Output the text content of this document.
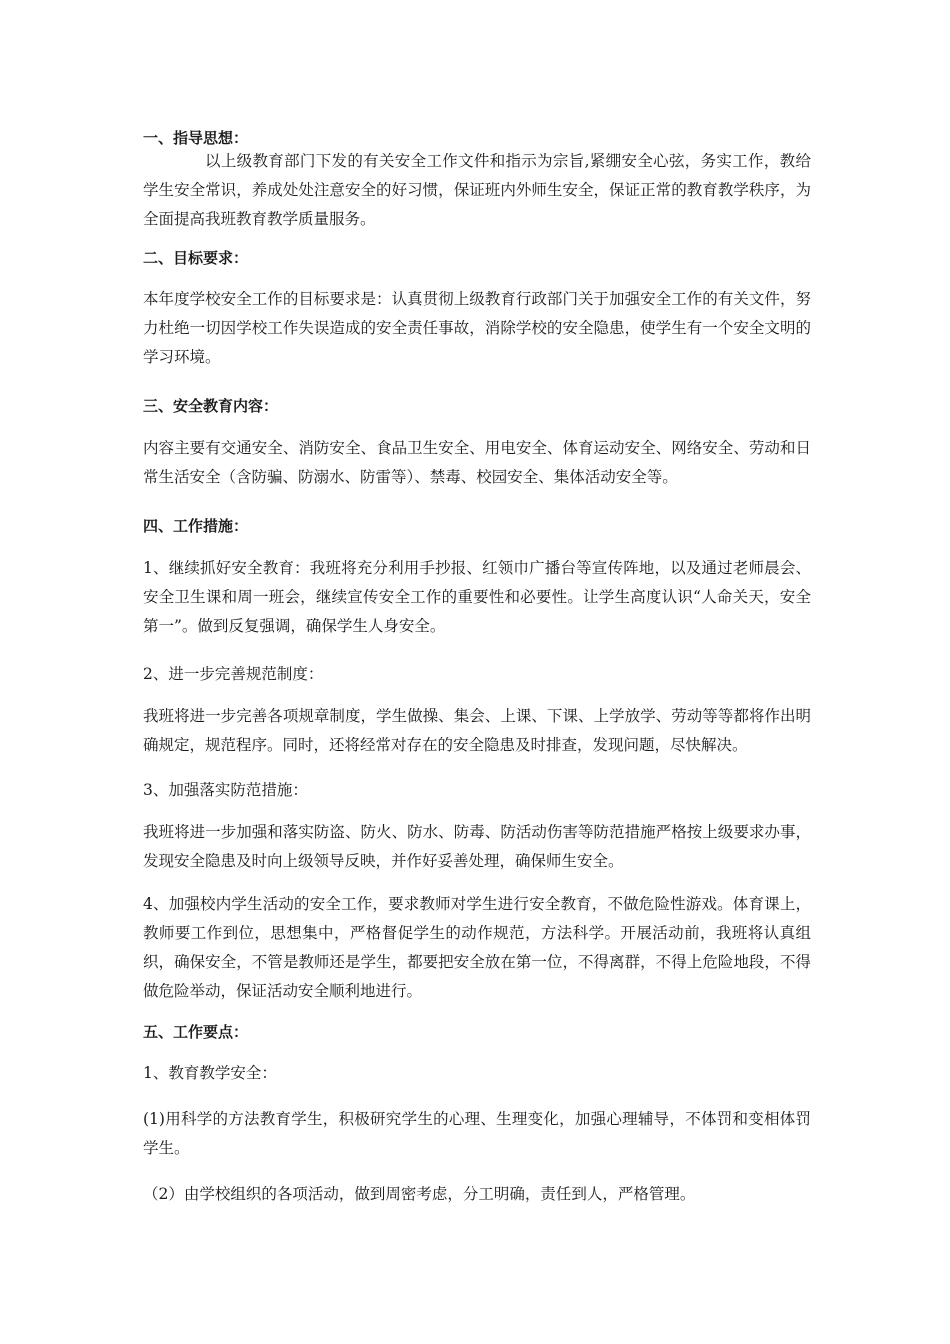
一、指导思想：

以上级教育部门下发的有关安全工作文件和指示为宗旨,紧绷安全心弦，务实工作，教给学生安全常识，养成处处注意安全的好习惯，保证班内外师生安全，保证正常的教育教学秩序，为全面提高我班教育教学质量服务。

二、目标要求：

本年度学校安全工作的目标要求是：认真贯彻上级教育行政部门关于加强安全工作的有关文件，努力杜绝一切因学校工作失误造成的安全责任事故，消除学校的安全隐患，使学生有一个安全文明的学习环境。

三、安全教育内容：

内容主要有交通安全、消防安全、食品卫生安全、用电安全、体育运动安全、网络安全、劳动和日常生活安全（含防骗、防溺水、防雷等）、禁毒、校园安全、集体活动安全等。

四、工作措施：

1、继续抓好安全教育：我班将充分利用手抄报、红领巾广播台等宣传阵地，以及通过老师晨会、安全卫生课和周一班会，继续宣传安全工作的重要性和必要性。让学生高度认识“人命关天，安全第一”。做到反复强调，确保学生人身安全。

2、进一步完善规范制度：

我班将进一步完善各项规章制度，学生做操、集会、上课、下课、上学放学、劳动等等都将作出明确规定，规范程序。同时，还将经常对存在的安全隐患及时排查，发现问题，尽快解决。

3、加强落实防范措施：

我班将进一步加强和落实防盗、防火、防水、防毒、防活动伤害等防范措施严格按上级要求办事，发现安全隐患及时向上级领导反映，并作好妥善处理，确保师生安全。

4、加强校内学生活动的安全工作，要求教师对学生进行安全教育，不做危险性游戏。体育课上，教师要工作到位，思想集中，严格督促学生的动作规范，方法科学。开展活动前，我班将认真组织，确保安全，不管是教师还是学生，都要把安全放在第一位，不得离群，不得上危险地段，不得做危险举动，保证活动安全顺利地进行。

五、工作要点：

1、教育教学安全：

(1)用科学的方法教育学生，积极研究学生的心理、生理变化，加强心理辅导，不体罚和变相体罚学生。

（2）由学校组织的各项活动，做到周密考虑，分工明确，责任到人，严格管理。
